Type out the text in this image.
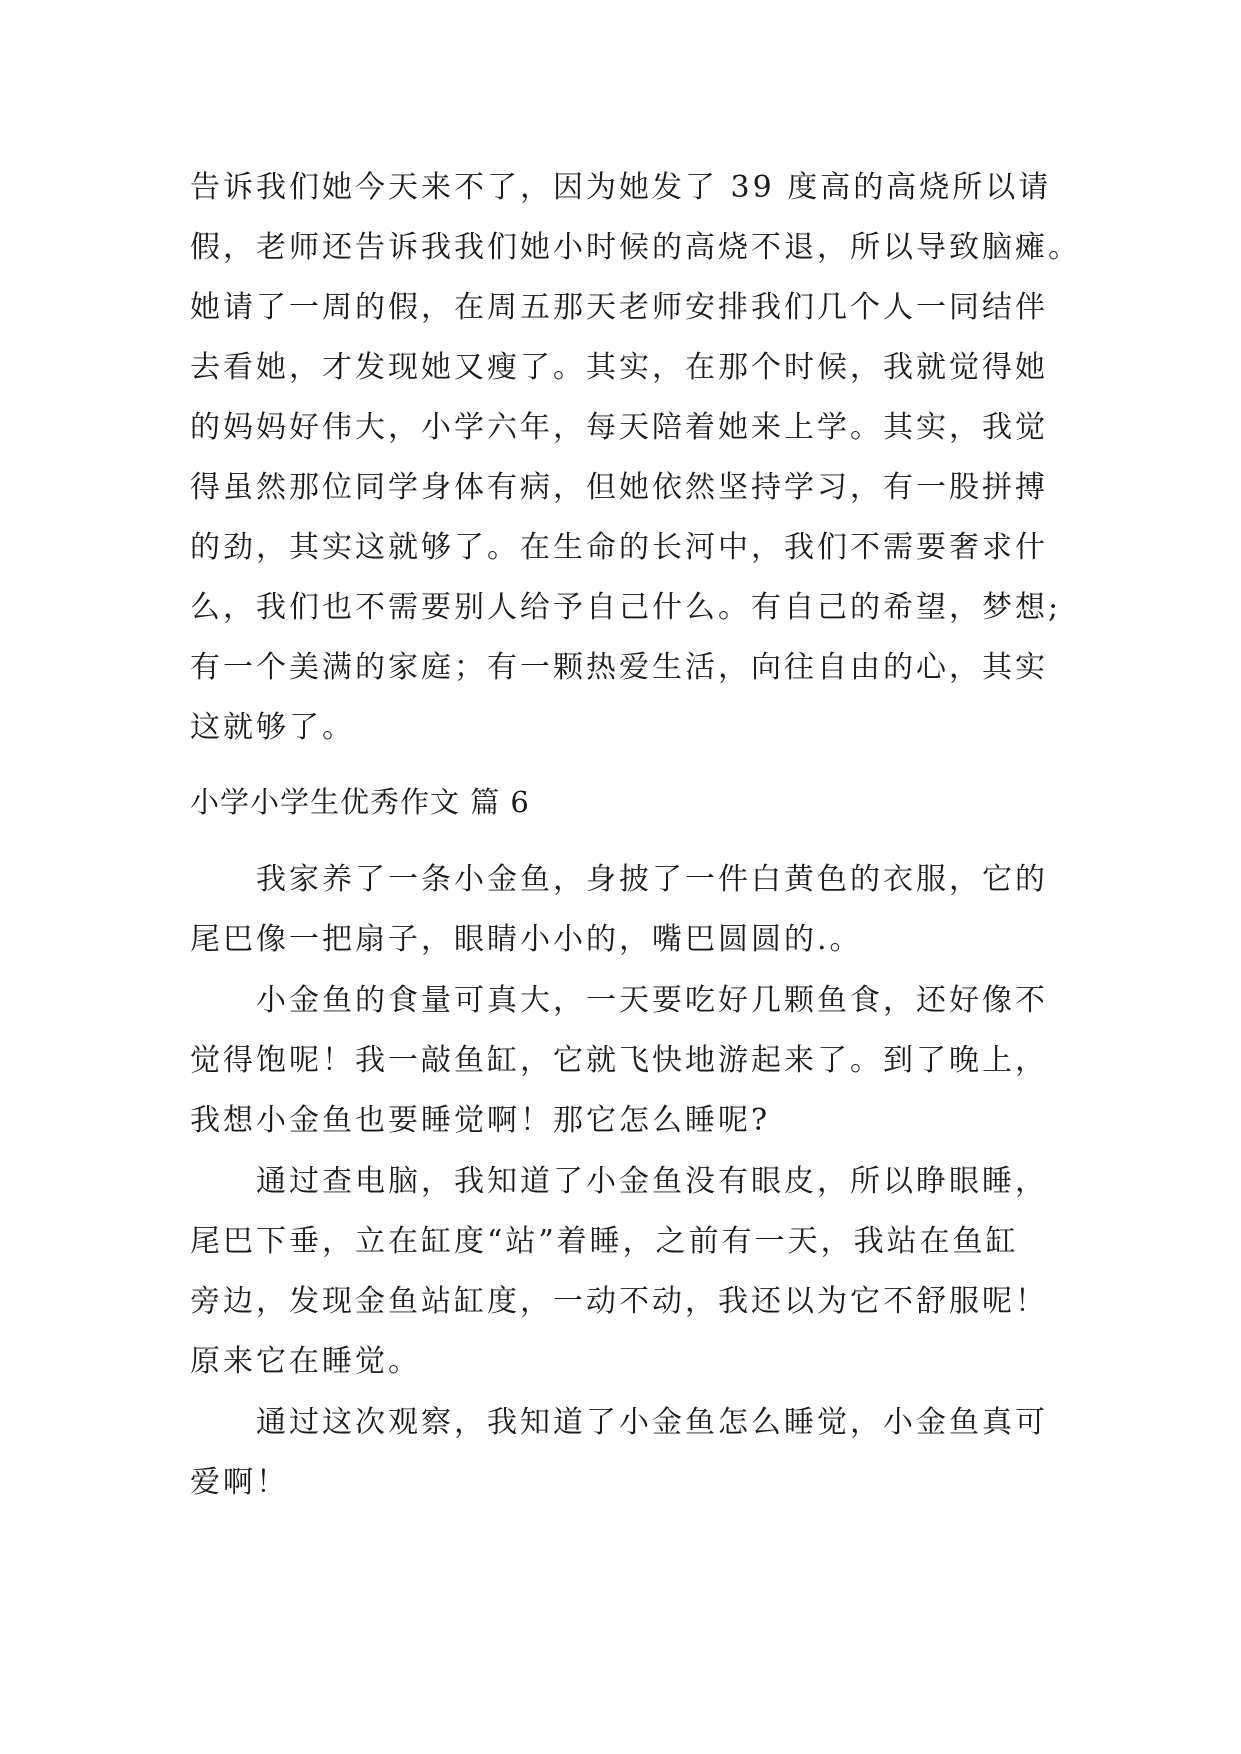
告诉我们她今天来不了，因为她发了 39 度高的高烧所以请
假，老师还告诉我我们她小时候的高烧不退，所以导致脑瘫。
她请了一周的假，在周五那天老师安排我们几个人一同结伴
去看她，才发现她又瘦了。其实，在那个时候，我就觉得她
的妈妈好伟大，小学六年，每天陪着她来上学。其实，我觉
得虽然那位同学身体有病，但她依然坚持学习，有一股拼搏
的劲，其实这就够了。在生命的长河中，我们不需要奢求什
么，我们也不需要别人给予自己什么。有自己的希望，梦想;
有一个美满的家庭；有一颗热爱生活，向往自由的心，其实
这就够了。
小学小学生优秀作文 篇 6
我家养了一条小金鱼，身披了一件白黄色的衣服，它的
尾巴像一把扇子，眼睛小小的，嘴巴圆圆的.。
小金鱼的食量可真大，一天要吃好几颗鱼食，还好像不
觉得饱呢！我一敲鱼缸，它就飞快地游起来了。到了晚上，
我想小金鱼也要睡觉啊！那它怎么睡呢?
通过查电脑，我知道了小金鱼没有眼皮，所以睁眼睡，
尾巴下垂，立在缸度“站”着睡，之前有一天，我站在鱼缸
旁边，发现金鱼站缸度，一动不动，我还以为它不舒服呢！
原来它在睡觉。
通过这次观察，我知道了小金鱼怎么睡觉，小金鱼真可
爱啊！
